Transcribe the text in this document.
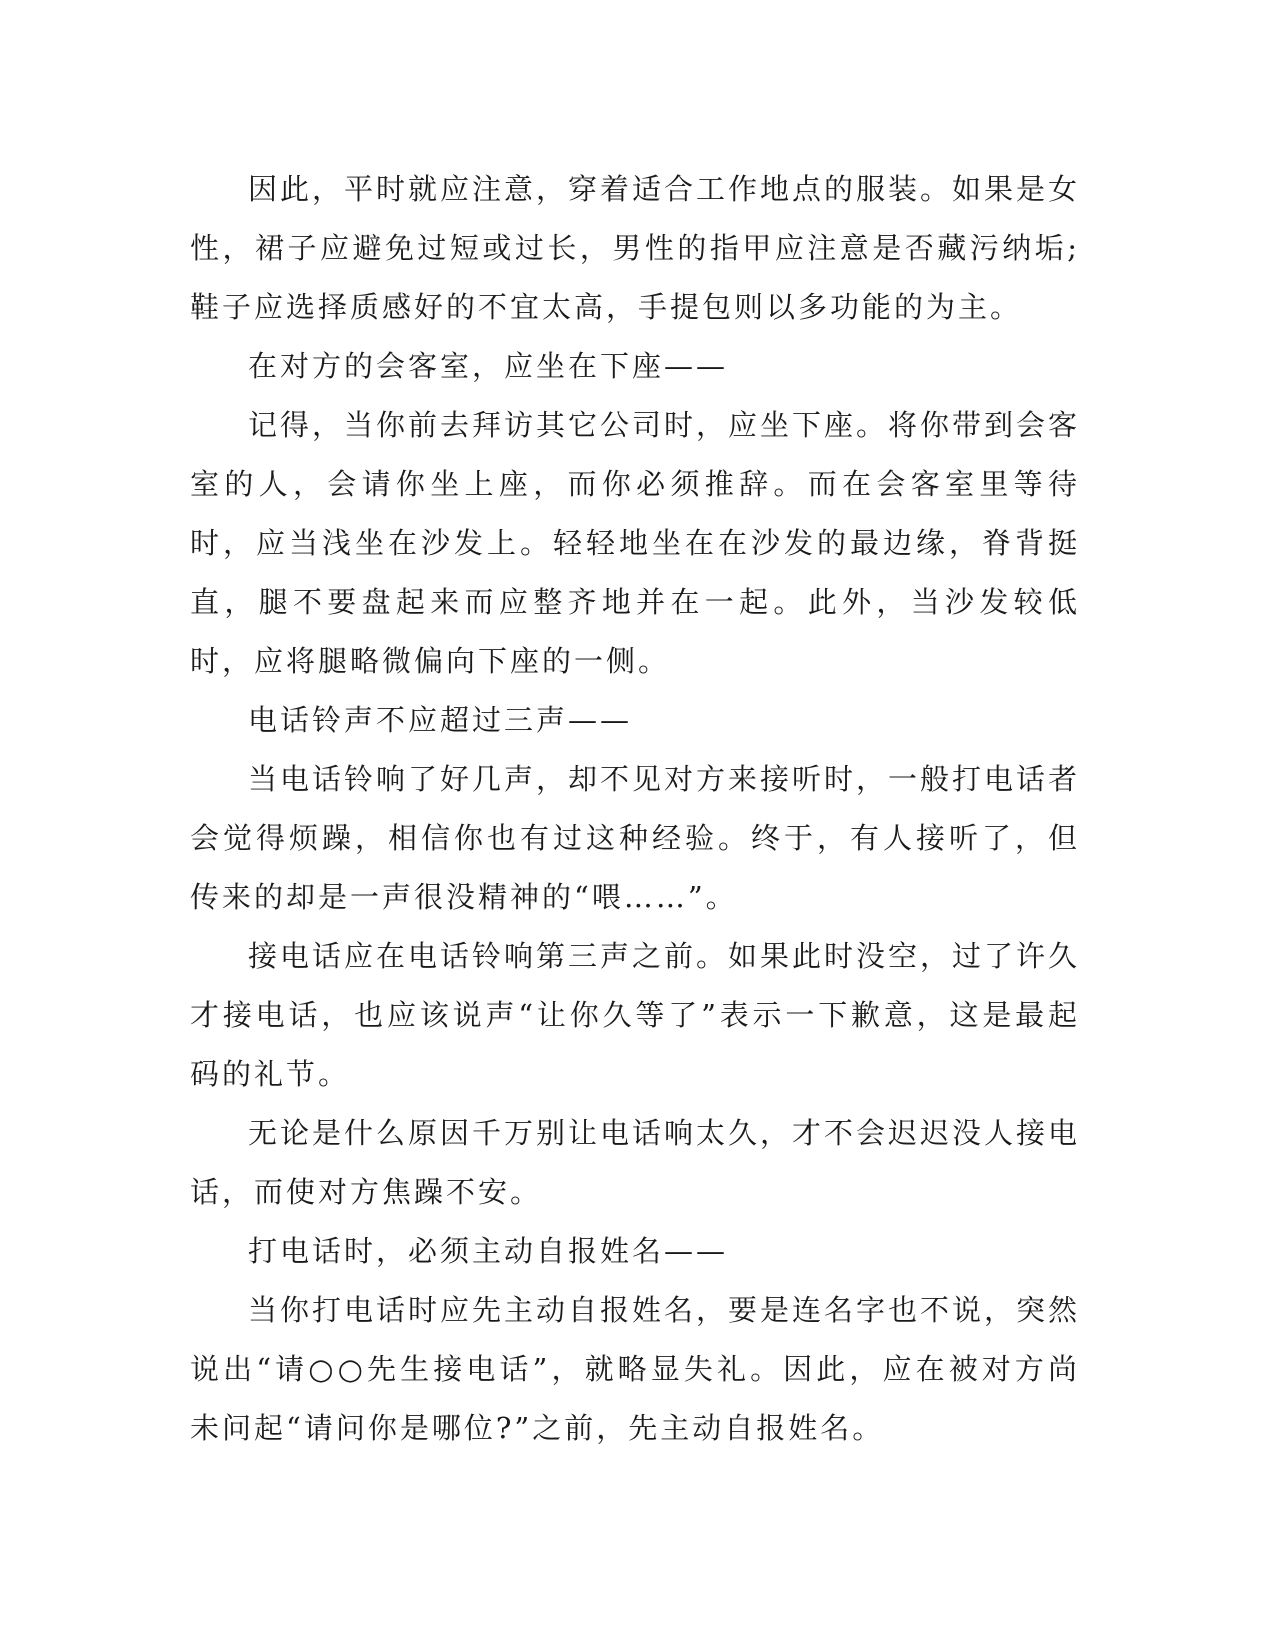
因此，平时就应注意，穿着适合工作地点的服装。如果是女性，裙子应避免过短或过长，男性的指甲应注意是否藏污纳垢;鞋子应选择质感好的不宜太高，手提包则以多功能的为主。

在对方的会客室，应坐在下座——

记得，当你前去拜访其它公司时，应坐下座。将你带到会客室的人，会请你坐上座，而你必须推辞。而在会客室里等待时，应当浅坐在沙发上。轻轻地坐在在沙发的最边缘，脊背挺直，腿不要盘起来而应整齐地并在一起。此外，当沙发较低时，应将腿略微偏向下座的一侧。

电话铃声不应超过三声——

当电话铃响了好几声，却不见对方来接听时，一般打电话者会觉得烦躁，相信你也有过这种经验。终于，有人接听了，但传来的却是一声很没精神的“喂……”。

接电话应在电话铃响第三声之前。如果此时没空，过了许久才接电话，也应该说声“让你久等了”表示一下歉意，这是最起码的礼节。

无论是什么原因千万别让电话响太久，才不会迟迟没人接电话，而使对方焦躁不安。

打电话时，必须主动自报姓名——

当你打电话时应先主动自报姓名，要是连名字也不说，突然说出“请○○先生接电话”，就略显失礼。因此，应在被对方尚未问起“请问你是哪位?”之前，先主动自报姓名。
